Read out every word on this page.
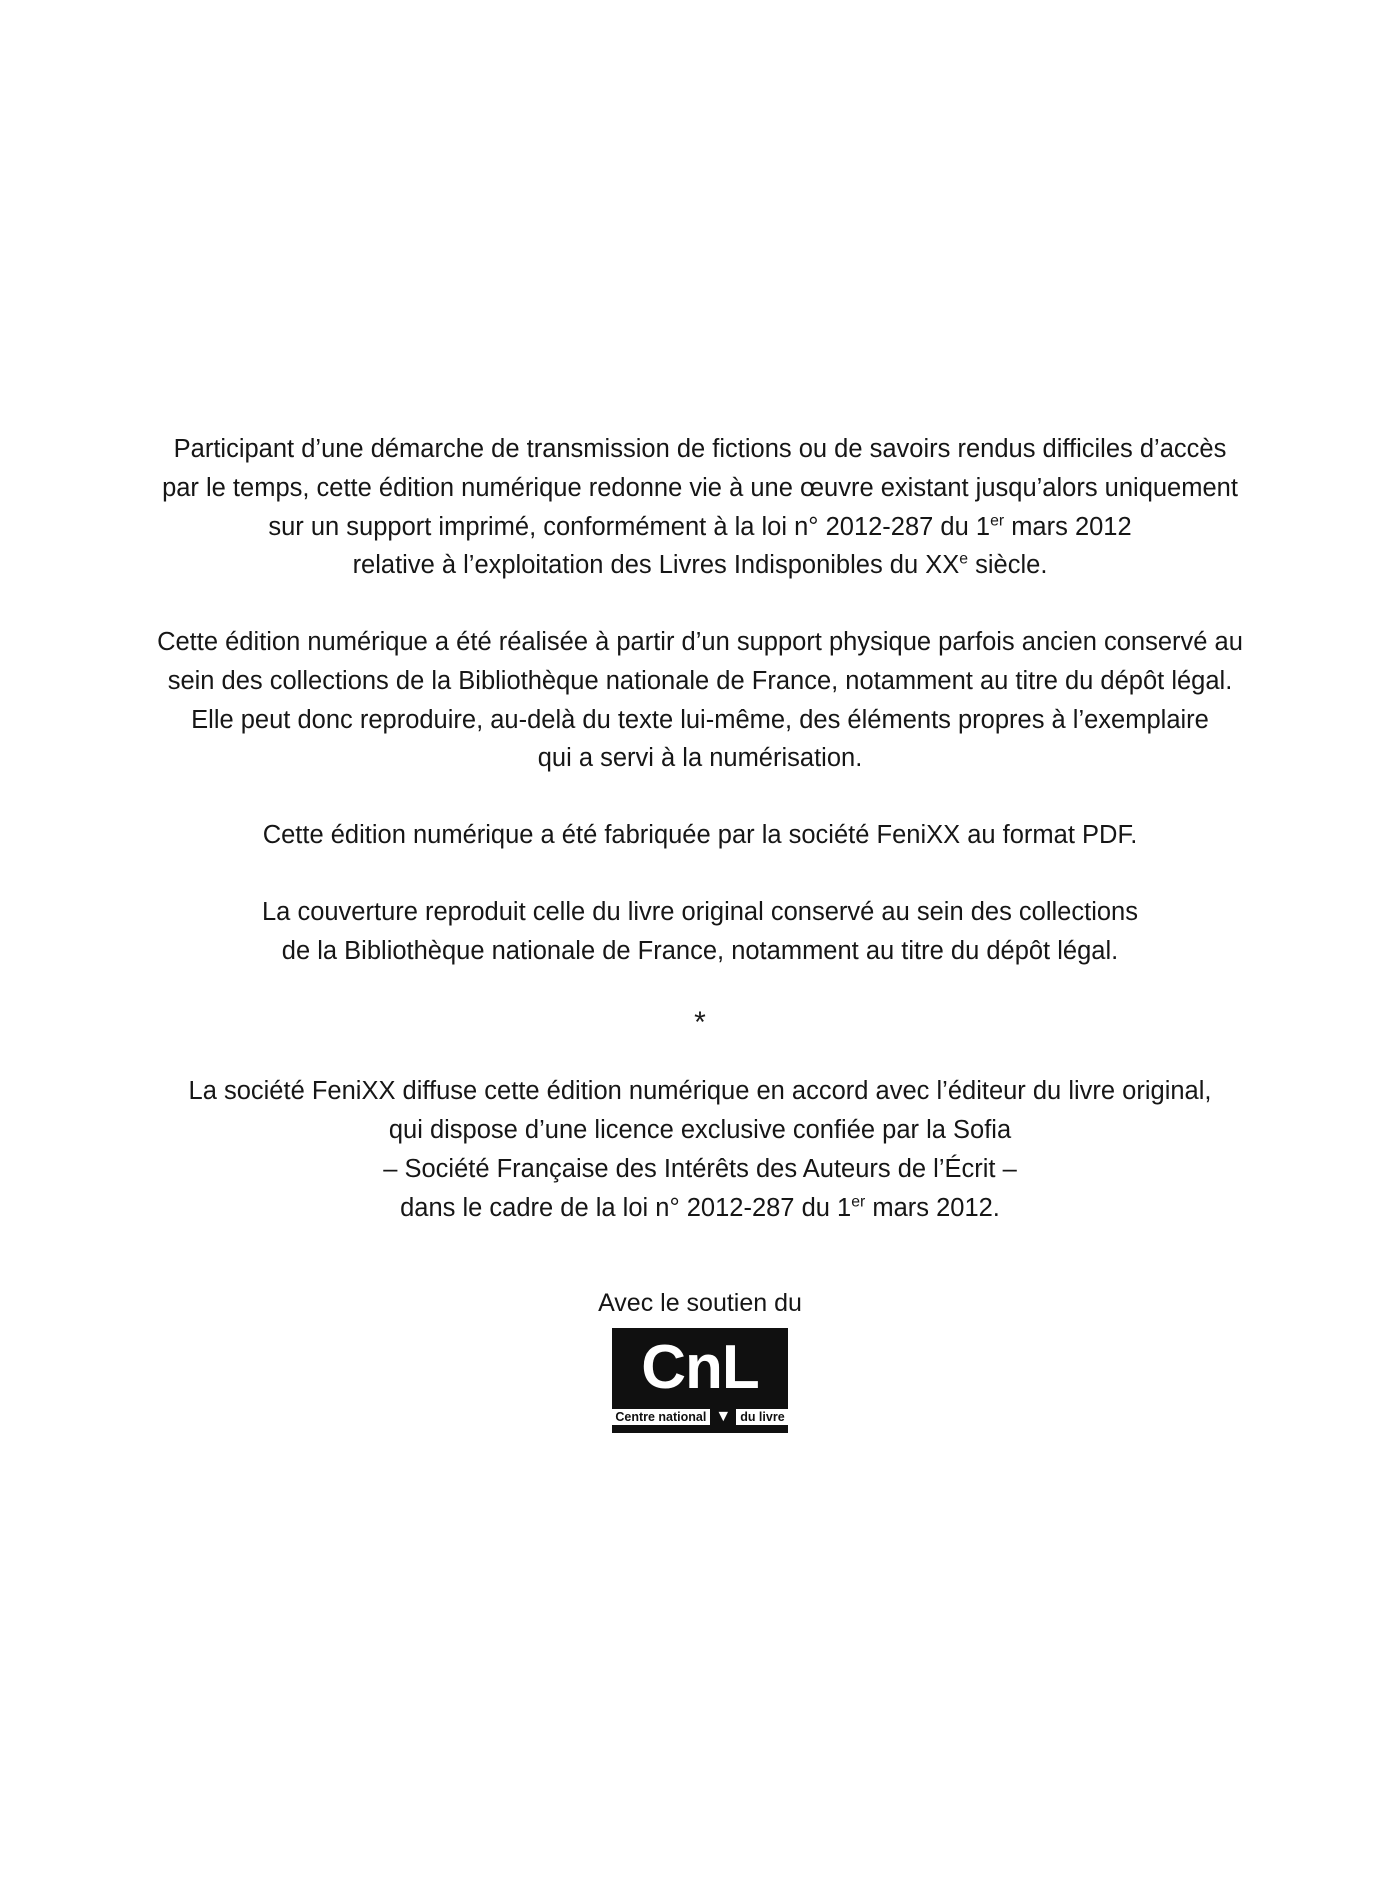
Participant d’une démarche de transmission de fictions ou de savoirs rendus difficiles d’accès

par le temps, cette édition numérique redonne vie à une œuvre existant jusqu’alors uniquement

sur un support imprimé, conformément à la loi n° 2012-287 du 1er mars 2012

relative à l’exploitation des Livres Indisponibles du XXe siècle.

Cette édition numérique a été réalisée à partir d’un support physique parfois ancien conservé au

sein des collections de la Bibliothèque nationale de France, notamment au titre du dépôt légal.

Elle peut donc reproduire, au-delà du texte lui-même, des éléments propres à l’exemplaire

qui a servi à la numérisation.

Cette édition numérique a été fabriquée par la société FeniXX au format PDF.

La couverture reproduit celle du livre original conservé au sein des collections

de la Bibliothèque nationale de France, notamment au titre du dépôt légal.

*

La société FeniXX diffuse cette édition numérique en accord avec l’éditeur du livre original,

qui dispose d’une licence exclusive confiée par la Sofia

– Société Française des Intérêts des Auteurs de l’Écrit –

dans le cadre de la loi n° 2012-287 du 1er mars 2012.

Avec le soutien du
CnL
Centre national ▼ du livre
